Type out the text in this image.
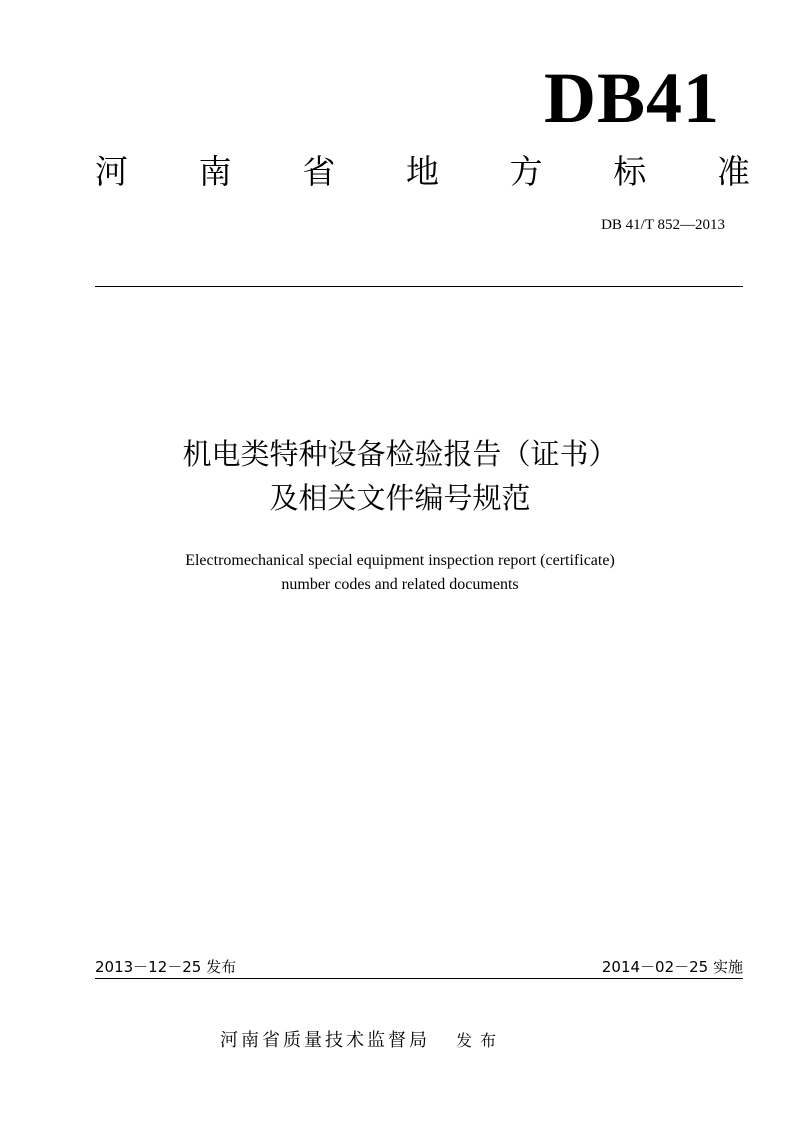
DB41
河 南 省 地 方 标 准
DB 41/T 852—2013
机电类特种设备检验报告（证书）
及相关文件编号规范
Electromechanical special equipment inspection report (certificate)
number codes and related documents
2013－12－25 发布	2014－02－25 实施
河南省质量技术监督局 发布
